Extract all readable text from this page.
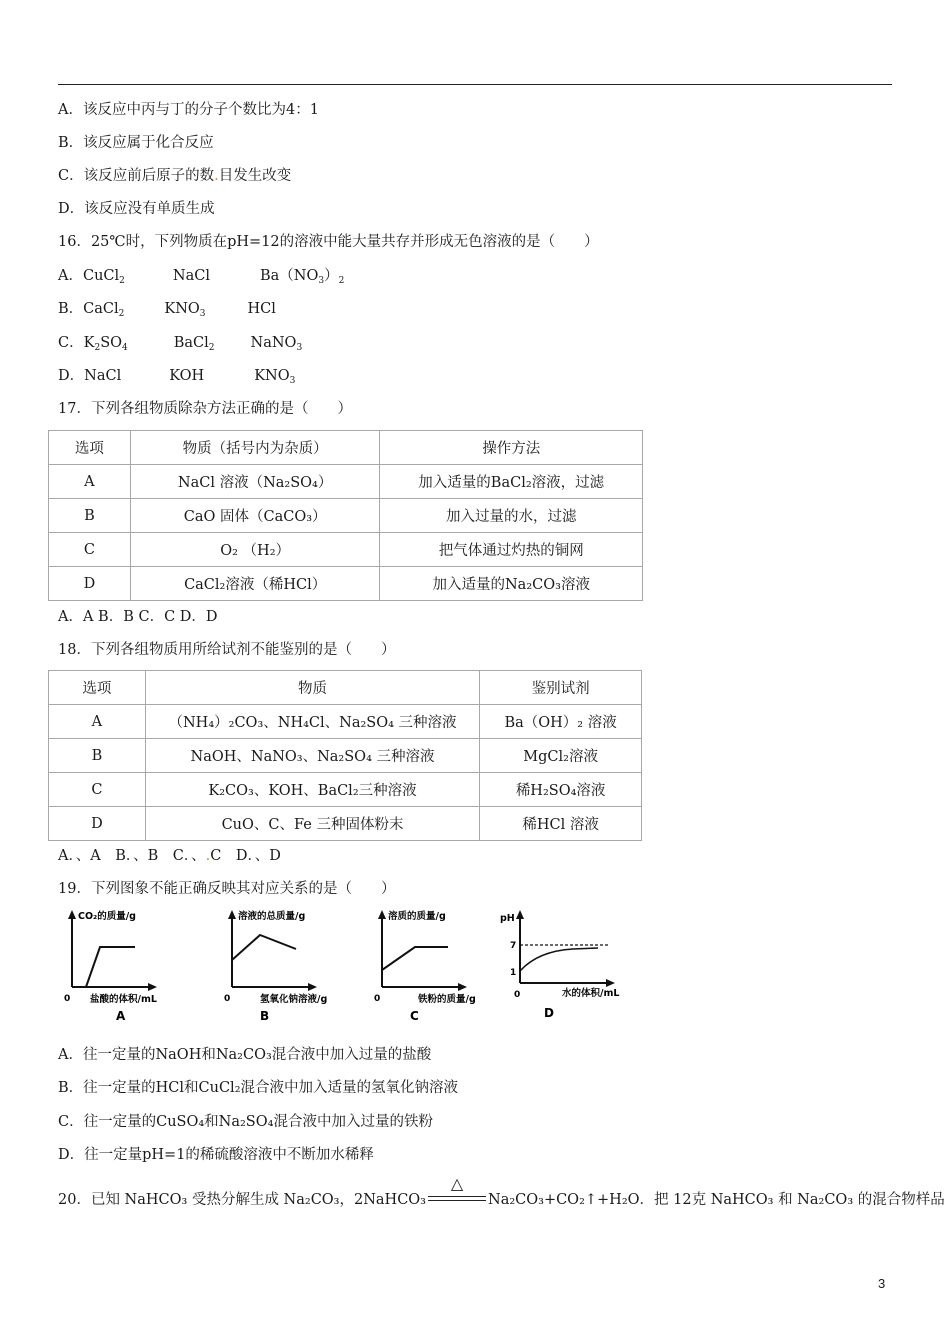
A．该反应中丙与丁的分子个数比为4：1
B．该反应属于化合反应
C．该反应前后原子的数.目发生改变
D．该反应没有单质生成
16．25℃时，下列物质在pH=12的溶液中能大量共存并形成无色溶液的是（　　）
A．CuCl$_2$	NaCl	$Ba(NO_3)_2$
B．CaCl$_2$	$KNO_3$	HCl
C．$K_2SO_4$	BaCl$_2$ NaNO$_3$
D．NaCl	KOH	$KNO_3$
17．下列各组物质除杂方法正确的是（　　）
选项	物质（括号内为杂质）	操作方法
A	NaCl 溶液（Na₂SO₄）	加入适量的BaCl₂溶液，过滤
B	CaO 固体（CaCO₃）	加入过量的水，过滤
C	O₂ （H₂）	把气体通过灼热的铜网
D	CaCl₂溶液（稀HCl）	加入适量的Na₂CO₃溶液
A．A B．B C．C D．D
18．下列各组物质用所给试剂不能鉴别的是（　　）
选项	物质	鉴别试剂
A	（NH₄）₂CO₃、NH₄Cl、Na₂SO₄ 三种溶液	Ba（OH）₂ 溶液
B	NaOH、NaNO₃、Na₂SO₄ 三种溶液	MgCl₂溶液
C	K₂CO₃、KOH、BaCl₂三种溶液	稀H₂SO₄溶液
D	CuO、C、Fe 三种固体粉末	稀HCl 溶液
A．、A　B．、B　C．、.C　D．、D
19．下列图象不能正确反映其对应关系的是（　　）
CO₂的质量/g
0 盐酸的体积/mL
A
溶液的总质量/g
0	氢氧化钠溶液/g
B
溶质的质量/g
0	铁粉的质量/g
C
pH
7
1
0	水的体积/mL
D
A．往一定量的NaOH和Na₂CO₃混合液中加入过量的盐酸
B．往一定量的HCl和CuCl₂混合液中加入适量的氢氧化钠溶液
C．往一定量的CuSO₄和Na₂SO₄混合液中加入过量的铁粉
D．往一定量pH=1的稀硫酸溶液中不断加水稀释
20．已知 NaHCO₃ 受热分解生成 Na₂CO₃，2NaHCO₃
△
Na₂CO₃+CO₂↑+H₂O．把 12克 NaHCO₃ 和 Na₂CO₃ 的混合物样品
3
